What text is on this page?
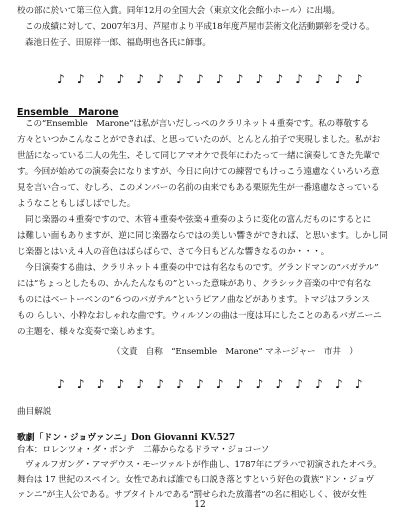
校の部に於いて第三位入賞。同年12月の全国大会（東京文化会館小ホール）に出場。
この成績に対して、2007年3月、芦屋市より平成18年度芦屋市芸術文化活動顕彰を受ける。
森池日佐子、田原祥一郎、福島明也各氏に師事。
♪♪♪♪♪♪♪♪♪♪♪♪♪♪♪♪
Ensemble　Marone
この“Ensemble　Marone”は私が言いだしっぺのクラリネット４重奏です。私の尊敬する
方々といつかこんなことができれば、と思っていたのが、とんとん拍子で実現しました。私がお
世話になっている二人の先生、そして同じアマオケで長年にわたって一緒に演奏してきた先輩で
す。今回が始めての演奏会になりますが、今日に向けての練習でもけっこう遠慮なくいろいろ意
見を言い合って、むしろ、このメンバーの名前の由来でもある栗原先生が一番遠慮なさっている
ようなこともしばしばでした。
同じ楽器の４重奏ですので、木管４重奏や弦楽４重奏のように変化の富んだものにするとに
は難しい面もありますが、逆に同じ楽器ならではの美しい響きができれば、と思います。しかし同
じ楽器とはいえ４人の音色はばらばらで、さて今日もどんな響きなるのか・・・。
今日演奏する曲は、クラリネット４重奏の中では有名なものです。グランドマンの“バガテル”
には“ちょっとしたもの、かんたんなもの”といった意味があり、クラシック音楽の中で有名な
ものにはベートーベンの“６つのバガテル”というピアノ曲などがあります。トマジはフランス
もの らしい、小粋なおしゃれな曲です。ウィルソンの曲は一度は耳にしたことのあるバガニーニ
の主題を、様々な変奏で楽しめます。
（文責　自称　“Ensemble　Marone” マネージャー　市井　）
♪♪♪♪♪♪♪♪♪♪♪♪♪♪♪♪
曲目解説
歌劇「ドン・ジョヴァンニ」Don Giovanni KV.527
台本：ロレンツォ・ダ・ポンテ　二幕からなるドラマ・ジョコーソ
ヴォルフガング・アマデウス・モーツァルトが作曲し、1787年にプラハで初演されたオペラ。
舞台は 17 世紀のスペイン。女性であれば誰でも口説き落とすという好色の貴族“ドン・ジョヴ
ァンニ”が主人公である。サブタイトルである“罰せられた放蕩者”の名に相応しく、彼が女性
12
